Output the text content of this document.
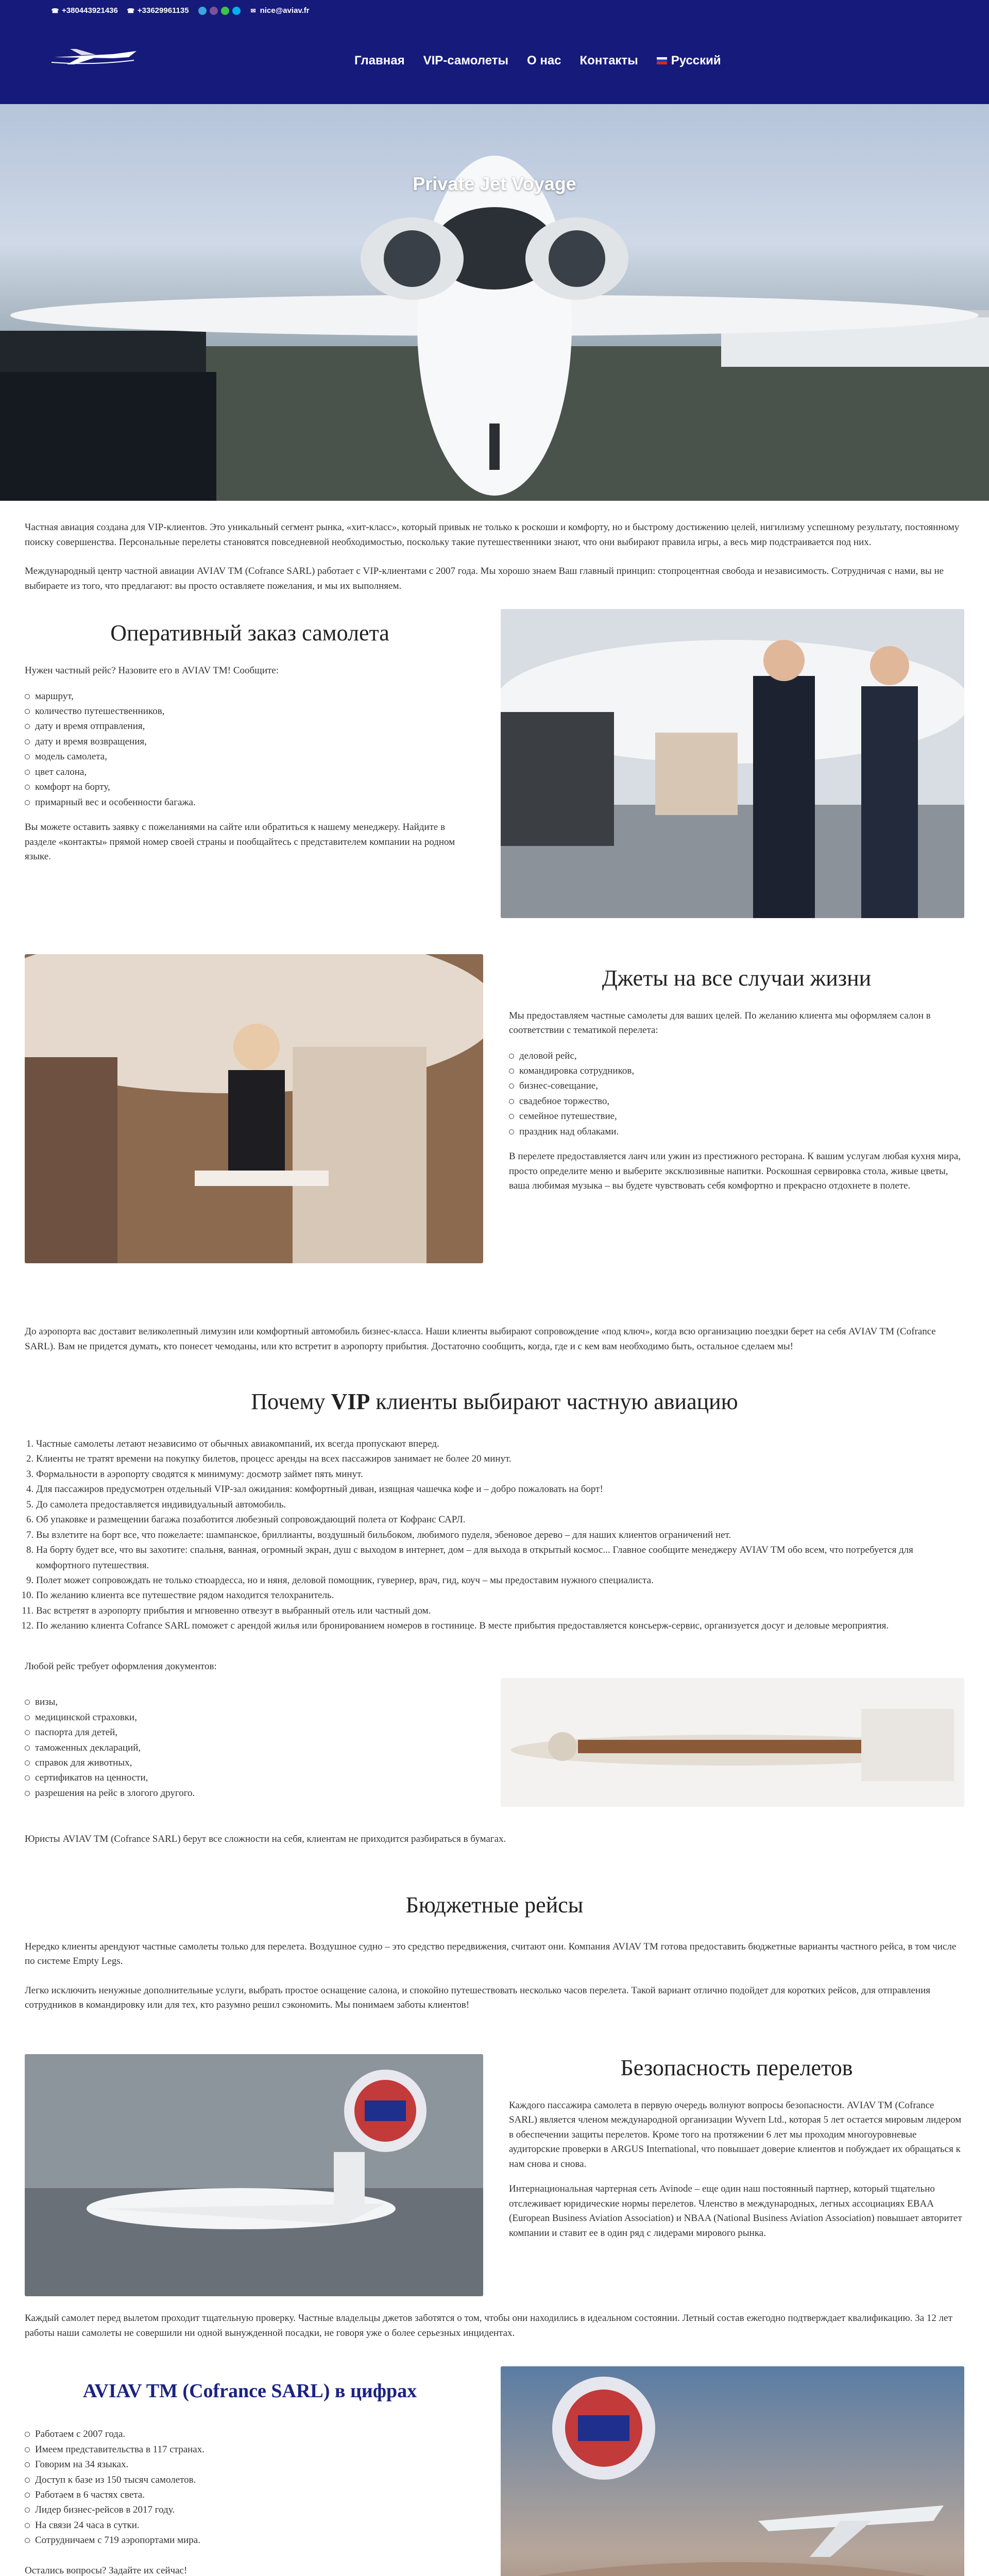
☎ +380443921436 ☎ +33629961135	✉ nice@aviav.fr
Главная VIP-самолеты О нас Контакты	Русский
Private Jet Voyage

Частная авиация создана для VIP-клиентов. Это уникальный сегмент рынка, «хит-класс», который привык не только к роскоши и комфорту, но и быстрому достижению целей, нигилизму успешному результату, постоянному поиску совершенства. Персональные перелеты становятся повседневной необходимостью, поскольку такие путешественники знают, что они выбирают правила игры, а весь мир подстраивается под них.

Международный центр частной авиации AVIAV TM (Cofrance SARL) работает с VIP-клиентами с 2007 года. Мы хорошо знаем Ваш главный принцип: стопроцентная свобода и независимость. Сотрудничая с нами, вы не выбираете из того, что предлагают: вы просто оставляете пожелания, и мы их выполняем.

Оперативный заказ самолета

Нужен частный рейс? Назовите его в AVIAV TM! Сообщите:

маршрут,
количество путешественников,
дату и время отправления,
дату и время возвращения,
модель самолета,
цвет салона,
комфорт на борту,
примарный вес и особенности багажа.

Вы можете оставить заявку с пожеланиями на сайте или обратиться к нашему менеджеру. Найдите в разделе «контакты» прямой номер своей страны и пообщайтесь с представителем компании на родном языке.

Джеты на все случаи жизни

Мы предоставляем частные самолеты для ваших целей. По желанию клиента мы оформляем салон в соответствии с тематикой перелета:

деловой рейс,
командировка сотрудников,
бизнес-совещание,
свадебное торжество,
семейное путешествие,
праздник над облаками.

В перелете предоставляется ланч или ужин из престижного ресторана. К вашим услугам любая кухня мира, просто определите меню и выберите эксклюзивные напитки. Роскошная сервировка стола, живые цветы, ваша любимая музыка – вы будете чувствовать себя комфортно и прекрасно отдохнете в полете.

До аэропорта вас доставит великолепный лимузин или комфортный автомобиль бизнес-класса. Наши клиенты выбирают сопровождение «под ключ», когда всю организацию поездки берет на себя AVIAV TM (Cofrance SARL). Вам не придется думать, кто понесет чемоданы, или кто встретит в аэропорту прибытия. Достаточно сообщить, когда, где и с кем вам необходимо быть, остальное сделаем мы!

Почему VIP клиенты выбирают частную авиацию
1. Частные самолеты летают независимо от обычных авиакомпаний, их всегда пропускают вперед.
2. Клиенты не тратят времени на покупку билетов, процесс аренды на всех пассажиров занимает не более 20 минут.
3. Формальности в аэропорту сводятся к минимуму: досмотр займет пять минут.
4. Для пассажиров предусмотрен отдельный VIP-зал ожидания: комфортный диван, изящная чашечка кофе и – добро пожаловать на борт!
5. До самолета предоставляется индивидуальный автомобиль.
6. Об упаковке и размещении багажа позаботится любезный сопровождающий полета от Кофранс САРЛ.
7. Вы взлетите на борт все, что пожелаете: шампанское, бриллианты, воздушный бильбоком, любимого пуделя, эбеновое дерево – для наших клиентов ограничений нет.
8. На борту будет все, что вы захотите: спальня, ванная, огромный экран, душ с выходом в интернет, дом – для выхода в открытый космос... Главное сообщите менеджеру AVIAV TM обо всем, что потребуется для комфортного путешествия.
9. Полет может сопровождать не только стюардесса, но и няня, деловой помощник, гувернер, врач, гид, коуч – мы предоставим нужного специалиста.
10. По желанию клиента все путешествие рядом находится телохранитель.
11. Вас встретят в аэропорту прибытия и мгновенно отвезут в выбранный отель или частный дом.
12. По желанию клиента Cofrance SARL поможет с арендой жилья или бронированием номеров в гостинице. В месте прибытия предоставляется консьерж-сервис, организуется досуг и деловые мероприятия.

Любой рейс требует оформления документов:

визы,
медицинской страховки,
паспорта для детей,
таможенных деклараций,
справок для животных,
сертификатов на ценности,
разрешения на рейс в злогого другого.

Юристы AVIAV TM (Cofrance SARL) берут все сложности на себя, клиентам не приходится разбираться в бумагах.

Бюджетные рейсы

Нередко клиенты арендуют частные самолеты только для перелета. Воздушное судно – это средство передвижения, считают они. Компания AVIAV TM готова предоставить бюджетные варианты частного рейса, в том числе по системе Empty Legs.

Легко исключить ненужные дополнительные услуги, выбрать простое оснащение салона, и спокойно путешествовать несколько часов перелета. Такой вариант отлично подойдет для коротких рейсов, для отправления сотрудников в командировку или для тех, кто разумно решил сэкономить. Мы понимаем заботы клиентов!

Безопасность перелетов

Каждого пассажира самолета в первую очередь волнуют вопросы безопасности. AVIAV TM (Cofrance SARL) является членом международной организации Wyvern Ltd., которая 5 лет остается мировым лидером в обеспечении защиты перелетов. Кроме того на протяжении 6 лет мы проходим многоуровневые аудиторские проверки в ARGUS International, что повышает доверие клиентов и побуждает их обращаться к нам снова и снова.

Интернациональная чартерная сеть Avinode – еще один наш постоянный партнер, который тщательно отслеживает юридические нормы перелетов. Членство в международных, легных ассоциациях EBAA (European Business Aviation Association) и NBAA (National Business Aviation Association) повышает авторитет компании и ставит ее в один ряд с лидерами мирового рынка.

Каждый самолет перед вылетом проходит тщательную проверку. Частные владельцы джетов заботятся о том, чтобы они находились в идеальном состоянии. Летный состав ежегодно подтверждает квалификацию. За 12 лет работы наши самолеты не совершили ни одной вынужденной посадки, не говоря уже о более серьезных инцидентах.

AVIAV TM (Cofrance SARL) в цифрах
Работаем с 2007 года.
Имеем представительства в 117 странах.
Говорим на 34 языках.
Доступ к базе из 150 тысяч самолетов.
Работаем в 6 частях света.
Лидер бизнес-рейсов в 2017 году.
На связи 24 часа в сутки.
Сотрудничаем с 719 аэропортами мира.

Остались вопросы? Задайте их сейчас!
